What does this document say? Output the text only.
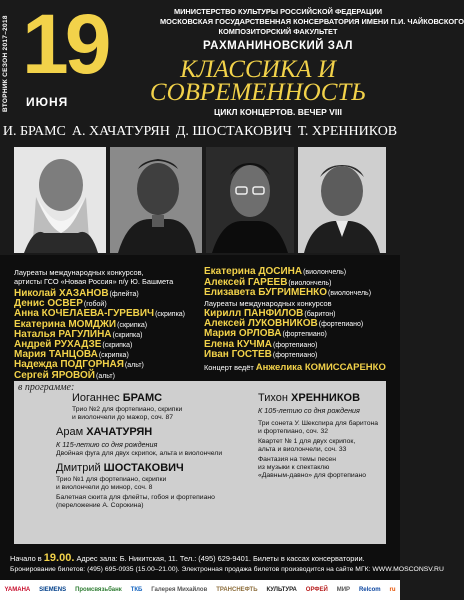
ВТОРНИК СЕЗОН 2017–2018 19
ИЮНЯ
МИНИСТЕРСТВО КУЛЬТУРЫ РОССИЙСКОЙ ФЕДЕРАЦИИ
МОСКОВСКАЯ ГОСУДАРСТВЕННАЯ КОНСЕРВАТОРИЯ ИМЕНИ П.И. ЧАЙКОВСКОГО
КОМПОЗИТОРСКИЙ ФАКУЛЬТЕТ
РАХМАНИНОВСКИЙ ЗАЛ
КЛАССИКА И
СОВРЕМЕННОСТЬ
ЦИКЛ КОНЦЕРТОВ. ВЕЧЕР VIII
И. БРАМС А. ХАЧАТУРЯН Д. ШОСТАКОВИЧ Т. ХРЕННИКОВ
Лауреаты международных конкурсов,
артисты ГСО «Новая Россия» п/у Ю. Башмета
Николай ХАЗАНОВ(флейта)
Денис ОСВЕР(гобой)
Анна КОЧЕЛАЕВА-ГУРЕВИЧ(скрипка)
Екатерина МОМДЖИ(скрипка)
Наталья РАГУЛИНА(скрипка)
Андрей РУХАДЗЕ(скрипка)
Мария ТАНЦОВА(скрипка)
Екатерина ДОСИНА(виолончель)
Алексей ГАРЕЕВ(виолончель)
Елизавета БУГРИМЕНКО(виолончель)
Лауреаты международных конкурсов
Кирилл ПАНФИЛОВ(баритон)
Алексей ЛУКОВНИКОВ(фортепиано)
Мария ОРЛОВА(фортепиано)
Елена КУЧМА(фортепиано)
Иван ГОСТЕВ(фортепиано)
в программе:
Иоганнес БРАМС
Трио №2 для фортепиано, скрипки
и виолончели до мажор, соч. 87
Арам ХАЧАТУРЯН
К 115-летию со дня рождения
Двойная фуга для двух скрипок, альта и виолончели
Дмитрий ШОСТАКОВИЧ
Трио №1 для фортепиано, скрипки
и виолончели до минор, соч. 8
Балетная сюита для флейты, гобоя и фортепиано
(переложение А. Сорокина)
Тихон ХРЕННИКОВ
К 105-летию со дня рождения
Три сонета У. Шекспира для баритона
и фортепиано, соч. 32
Квартет № 1 для двух скрипок,
альта и виолончели, соч. 33
Фантазия на темы песен
из музыки к спектаклю
«Давным-давно» для фортепиано
Начало в 19.00. Адрес зала: Б. Никитская, 11. Тел.: (495) 629-9401. Билеты в кассах консерватории.
Бронирование билетов: (495) 695-0935 (15.00–21.00). Электронная продажа билетов производится на сайте МГК: WWW.MOSCONSV.RU
YAMAHA SIEMENS Промсвязьбанк ТКБ Галерея Михайлов ТРАНСНЕФТЬ КУЛЬТУРА ОРФЕЙ МИР Relcom ru
Надежда ПОДГОРНАЯ(альт)
Сергей ЯРОВОЙ(альт)
Концерт ведёт Анжелика КОМИССАРЕНКО
